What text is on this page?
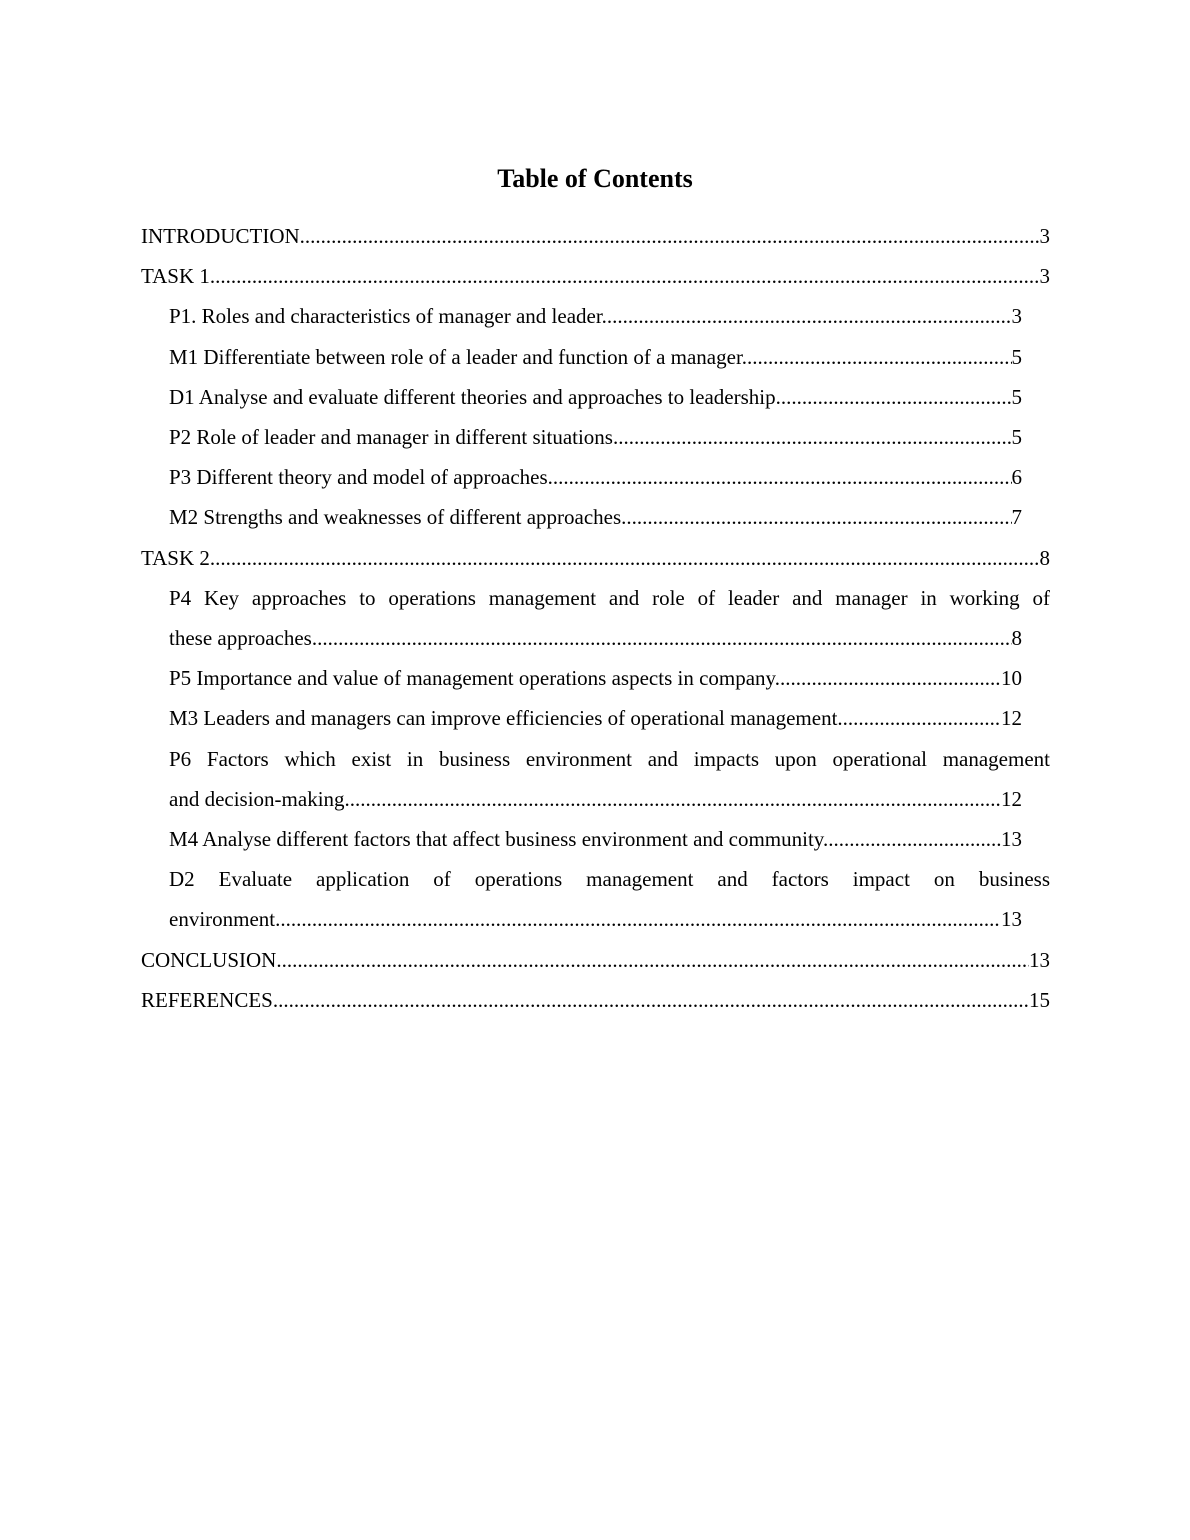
Table of Contents
INTRODUCTION .....	3
TASK 1 .....	3
P1. Roles and characteristics of manager and leader .....	3
M1 Differentiate between role of a leader and function of a manager .....	5
D1 Analyse and evaluate different theories and approaches to leadership .....	5
P2 Role of leader and manager in different situations .....	5
P3 Different theory and model of approaches .....	6
M2 Strengths and weaknesses of different approaches .....	7
TASK 2 .....	8
P4 Key approaches to operations management and role of leader and manager in working of
these approaches .....	8
P5 Importance and value of management operations aspects in company .....	10
M3 Leaders and managers can improve efficiencies of operational management .....	12
P6 Factors which exist in business environment and impacts upon operational management
and decision-making .....	12
M4 Analyse different factors that affect business environment and community .....	13
D2 Evaluate application of operations management and factors impact on business
environment .....	13
CONCLUSION .....	13
REFERENCES .....	15
